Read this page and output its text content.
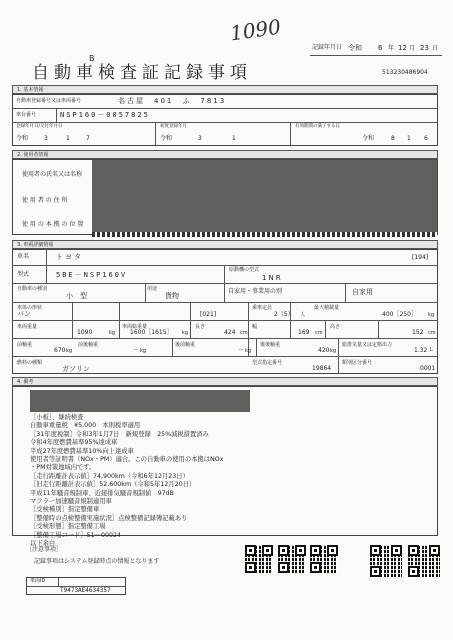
1090
記録年月日 令和 6 年 12 月 23 日
B
自動車検査証記録事項	513230486904
1. 基本情報
自動車登録番号又は車両番号	名古屋　401　ふ　7813
車台番号	NSP160－0057825
登録年月日/交付年月日
令和	3	1	7
初度登録年月
令和	3	1
有効期間の満了する日
令和	8 1 6
2. 使用者情報
使用者の氏名又は名称
使 用 者 の 住 所
使 用 の 本 拠 の 位 置
3. 車両詳細情報
車名	トヨタ	[194]
型式	5BE－NSP160V
原動機の型式
1NR
自動車の種別
小　型
用途
貨物
自家用・事業用の別	自家用
車体の形状
バン	[021]
乗車定員
2（5） 人
最大積載量
400［250］ kg
車両重量
1090	kg
車両総重量
1600［1615］ kg
長さ
424 cm
幅
169 cm
高さ
152 cm
前軸重
670 kg
前後軸重
－ kg
後前軸重
－ kg
後後軸重
420 kg
総排気量又は定格出力
1.32 L
燃料の種類
ガソリン
型式指定番号
19864
類別区分番号
0001
4. 備考

［小板］、継続検査

自動車重量税　¥5,000　本則税率適用

［31年度税制］令和3年1月7日　新規登録　25%減税措置済み

令和4年度燃費基準95%達成車

平成27年度燃費基準10%向上達成車

使用者等証明書（NOx・PM）適合。この自動車の使用の本拠はNOx

・PM対策地域内です。

［走行距離計表示値］74,900km（令和6年12月23日）

［旧走行距離計表示値］52,600km（令和5年12月20日）

平成11年騒音規制車、近接排気騒音規制値　97dB

マフラー加速騒音規制適用車

［受検種別］指定整備車

［整備時の点検整備実施状況］点検整備記録簿記載あり

［受検形態］指定整備工場

［整備工場コード］51－00024

以下余白

［注意事項］
記録事項はシステム登録時点の情報となります
車両ID
T9473AE4634357
